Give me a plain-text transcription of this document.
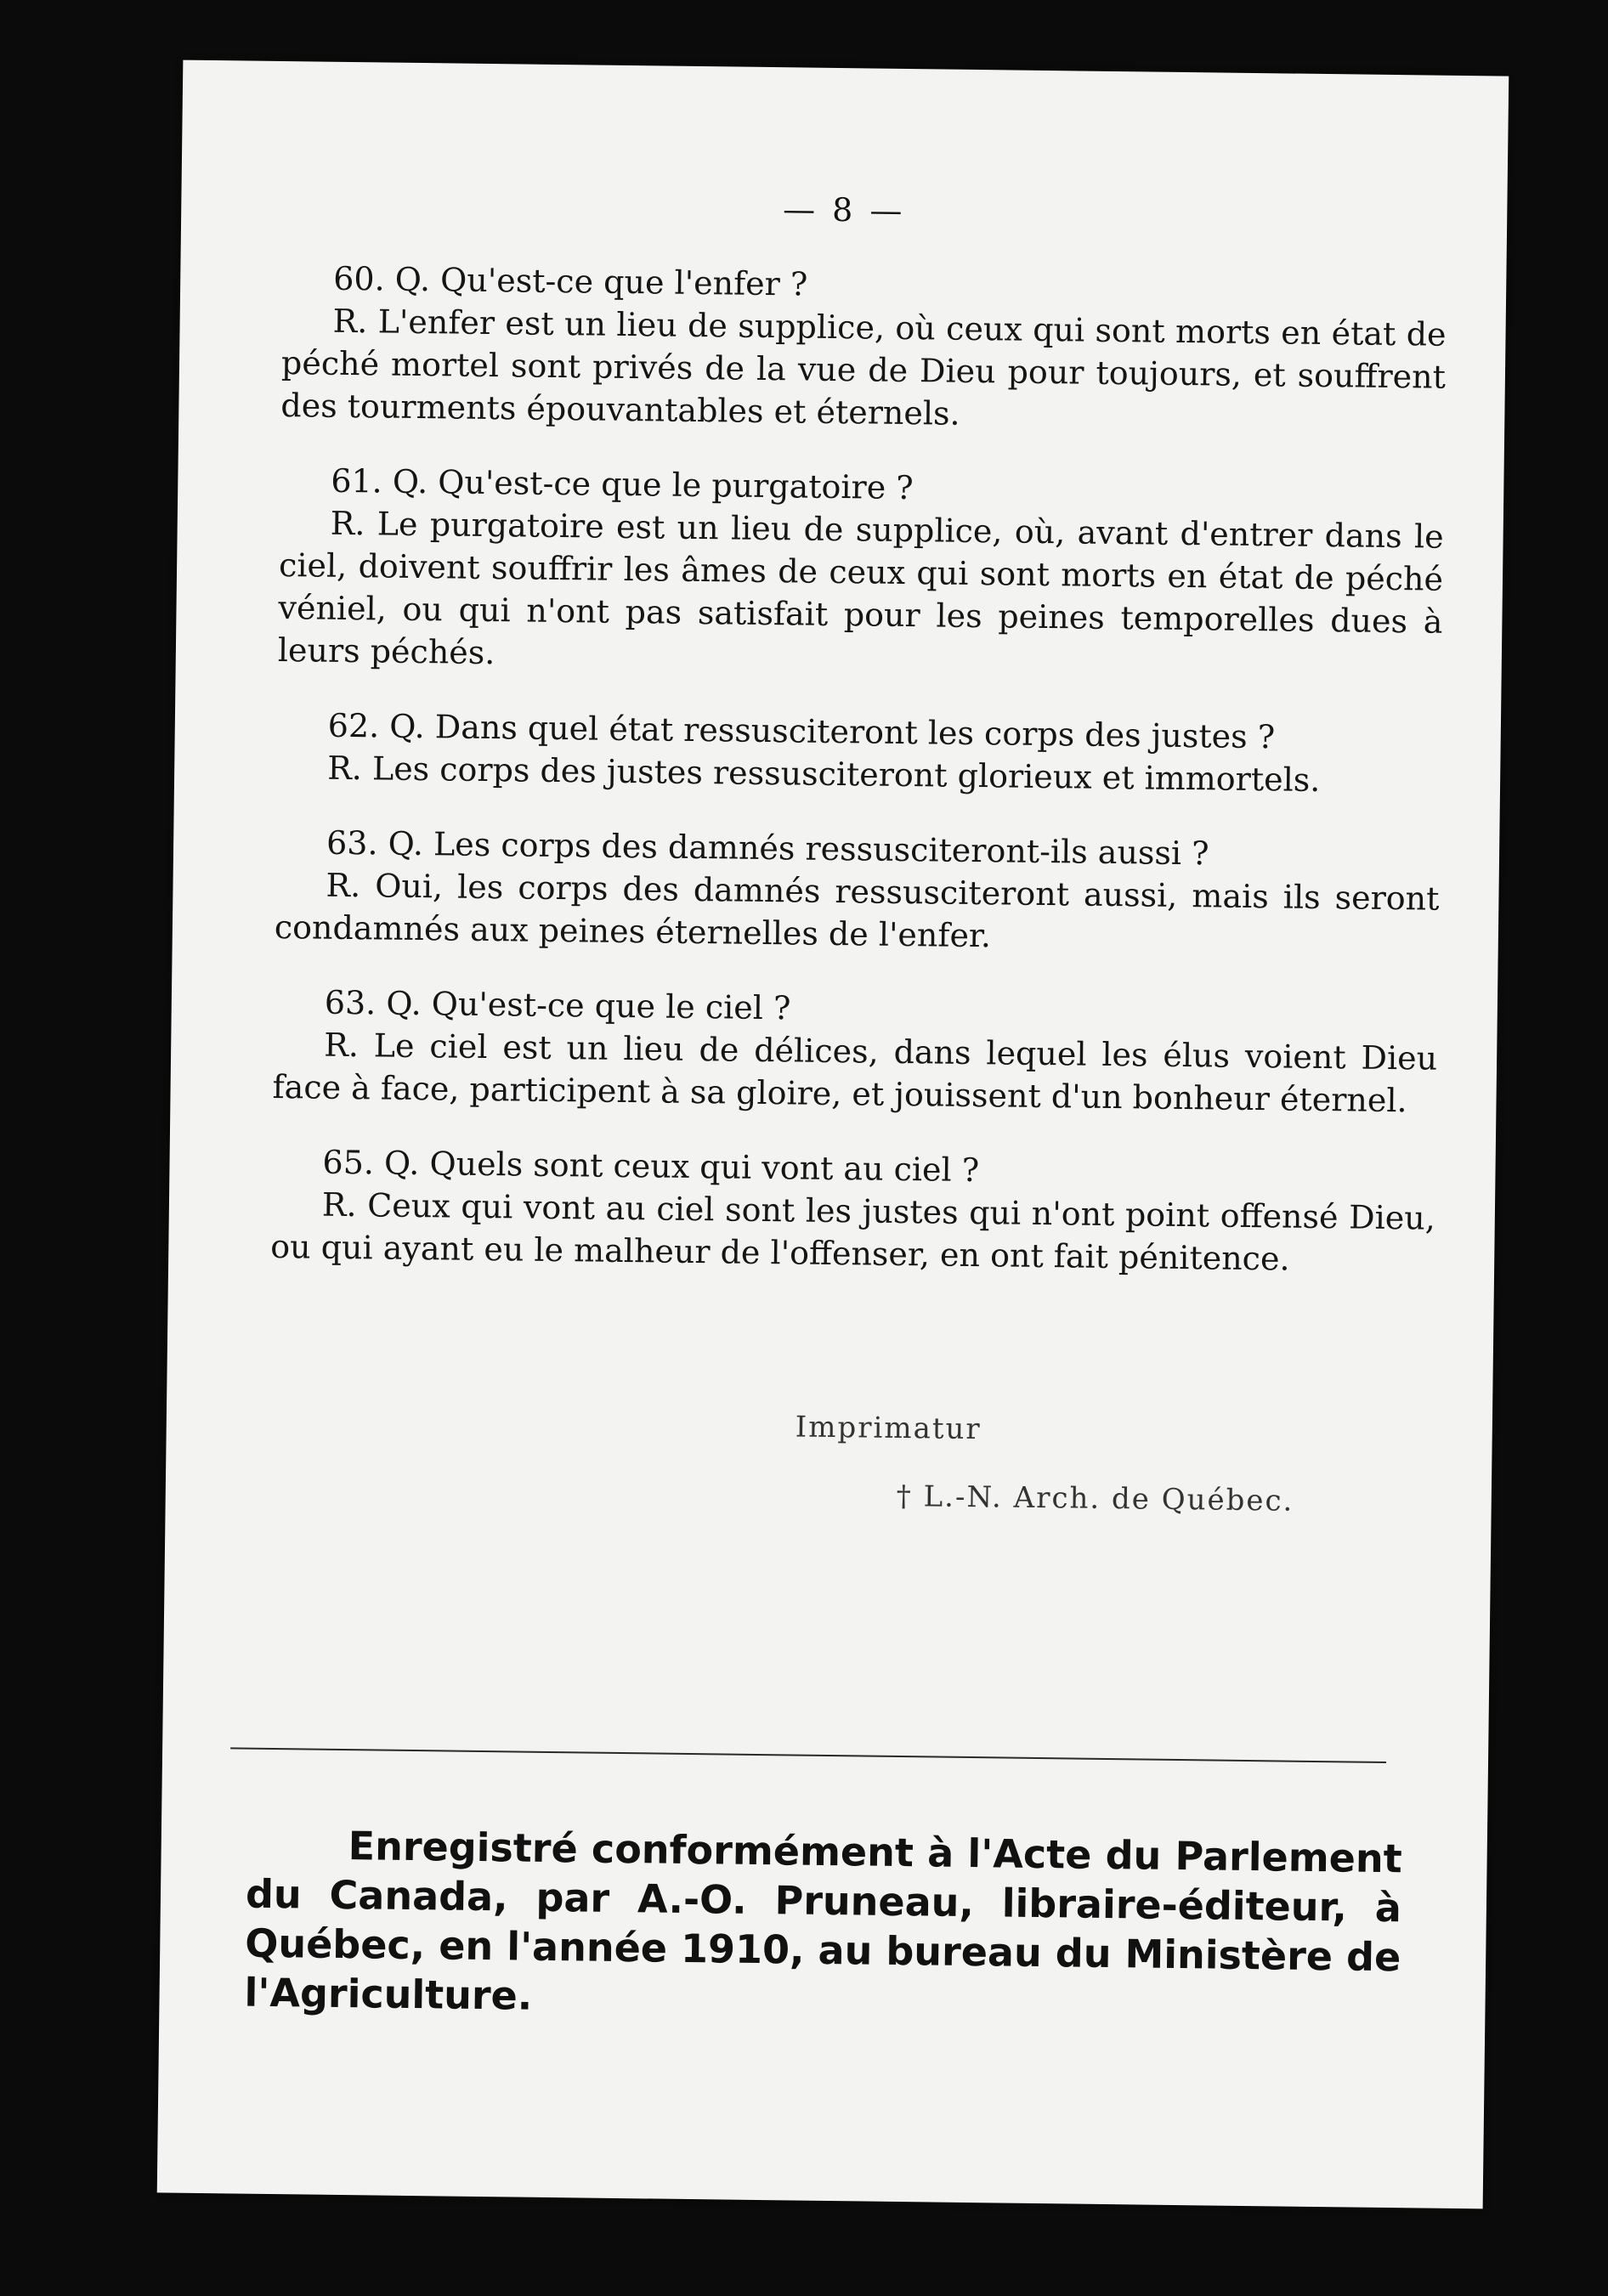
— 8 —
60. Q. Qu'est-ce que l'enfer ?
R. L'enfer est un lieu de supplice, où ceux qui sont morts en état de péché mortel sont privés de la vue de Dieu pour toujours, et souffrent des tourments épouvantables et éternels.
61. Q. Qu'est-ce que le purgatoire ?
R. Le purgatoire est un lieu de supplice, où, avant d'entrer dans le ciel, doivent souffrir les âmes de ceux qui sont morts en état de péché véniel, ou qui n'ont pas satisfait pour les peines temporelles dues à leurs péchés.
62. Q. Dans quel état ressusciteront les corps des justes ?
R. Les corps des justes ressusciteront glorieux et immortels.
63. Q. Les corps des damnés ressusciteront-ils aussi ?
R. Oui, les corps des damnés ressusciteront aussi, mais ils seront condamnés aux peines éternelles de l'enfer.
63. Q. Qu'est-ce que le ciel ?
R. Le ciel est un lieu de délices, dans lequel les élus voient Dieu face à face, participent à sa gloire, et jouissent d'un bonheur éternel.
65. Q. Quels sont ceux qui vont au ciel ?
R. Ceux qui vont au ciel sont les justes qui n'ont point offensé Dieu, ou qui ayant eu le malheur de l'offenser, en ont fait pénitence.
Imprimatur
† L.-N. Arch. de Québec.
Enregistré conformément à l'Acte du Parlement du Canada, par A.-O. Pruneau, libraire-éditeur, à Québec, en l'année 1910, au bureau du Ministère de l'Agriculture.
